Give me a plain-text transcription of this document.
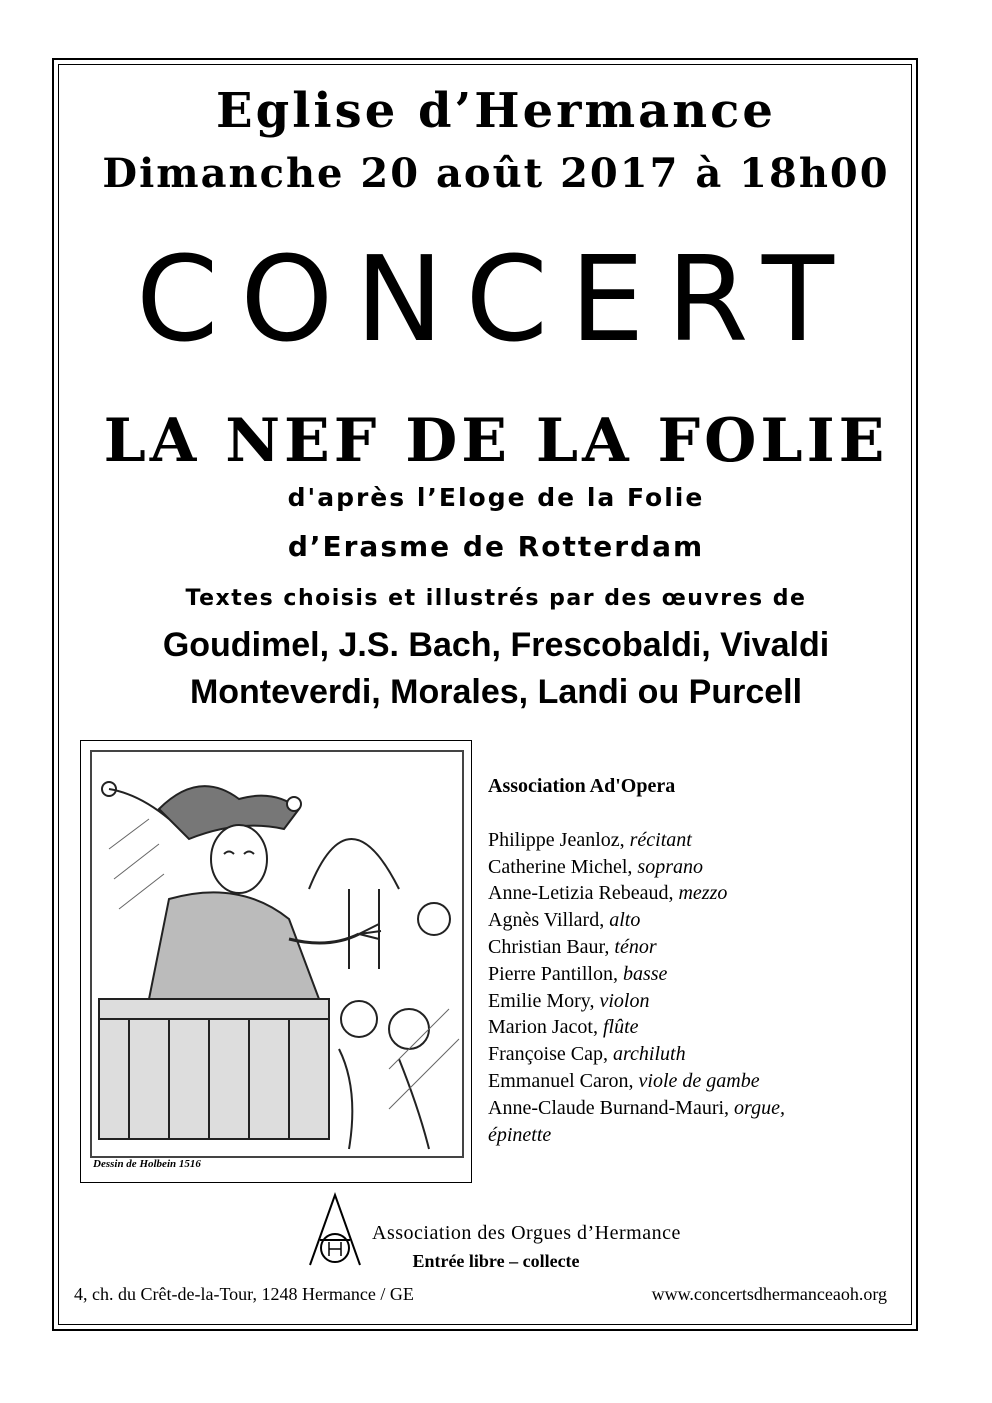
Eglise d’Hermance
Dimanche 20 août 2017 à 18h00
CONCERT
LA NEF DE LA FOLIE
d'après l’Eloge de la Folie
d’Erasme de Rotterdam
Textes choisis et illustrés par des œuvres de
Goudimel, J.S. Bach, Frescobaldi, Vivaldi
Monteverdi, Morales, Landi ou Purcell
Dessin de Holbein 1516
Association Ad'Opera
Philippe Jeanloz, récitant
Catherine Michel, soprano
Anne-Letizia Rebeaud, mezzo
Agnès Villard, alto
Christian Baur, ténor
Pierre Pantillon, basse
Emilie Mory, violon
Marion Jacot, flûte
Françoise Cap, archiluth
Emmanuel Caron, viole de gambe
Anne-Claude Burnand-Mauri, orgue,
épinette
Association des Orgues d’Hermance
Entrée libre – collecte
4, ch. du Crêt-de-la-Tour, 1248 Hermance / GE	www.concertsdhermanceaoh.org
